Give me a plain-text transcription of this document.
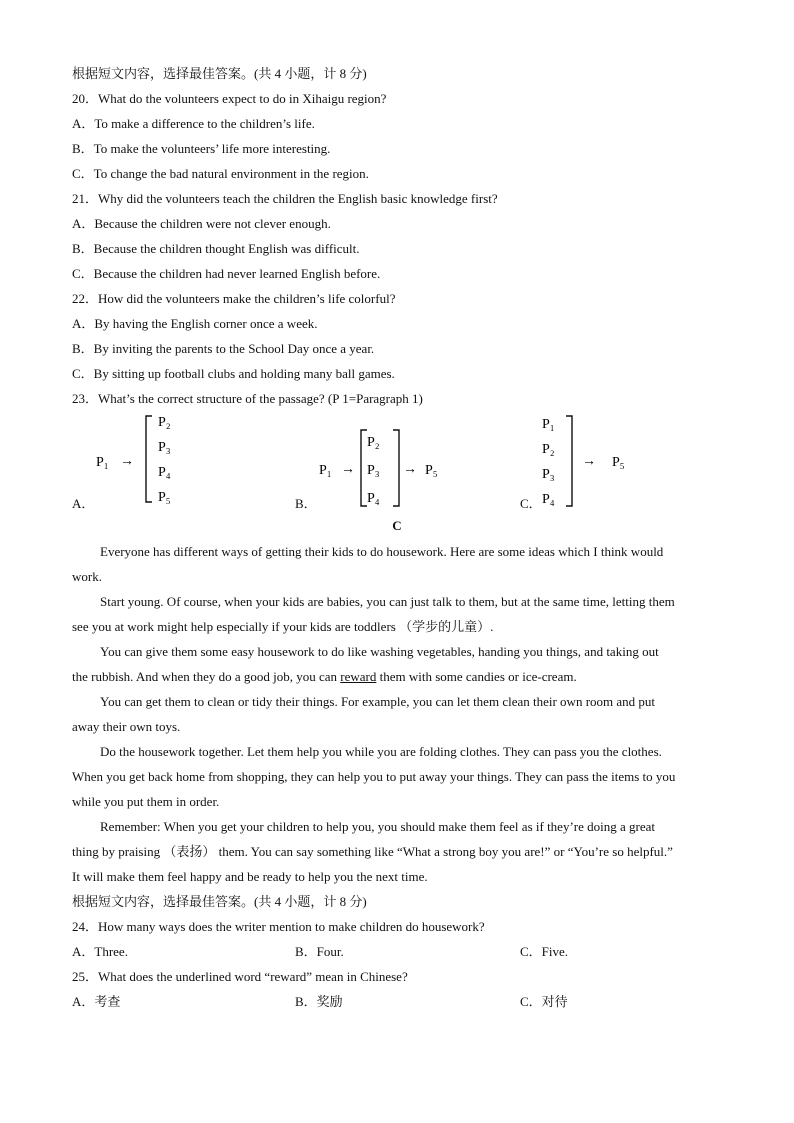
根据短文内容，选择最佳答案。(共 4 小题，计 8 分)
20．What do the volunteers expect to do in Xihaigu region?
A．To make a difference to the children’s life.
B．To make the volunteers’ life more interesting.
C．To change the bad natural environment in the region.
21．Why did the volunteers teach the children the English basic knowledge first?
A．Because the children were not clever enough.
B．Because the children thought English was difficult.
C．Because the children had never learned English before.
22．How did the volunteers make the children’s life colorful?
A．By having the English corner once a week.
B．By inviting the parents to the School Day once a year.
C．By sitting up football clubs and holding many ball games.
23．What’s the correct structure of the passage? (P 1=Paragraph 1)
A．
P₁ →
P₂
P₃
P₄
P₅	B．
P₁ →
P₂
P₃
P₄
→ P₅
C．
P₁
P₂
P₃
P₄
→ P₅
C
Everyone has different ways of getting their kids to do housework. Here are some ideas which I think would
work.
Start young. Of course, when your kids are babies, you can just talk to them, but at the same time, letting them
see you at work might help especially if your kids are toddlers （学步的儿童）.
You can give them some easy housework to do like washing vegetables, handing you things, and taking out
the rubbish. And when they do a good job, you can reward them with some candies or ice-cream.
You can get them to clean or tidy their things. For example, you can let them clean their own room and put
away their own toys.
Do the housework together. Let them help you while you are folding clothes. They can pass you the clothes.
When you get back home from shopping, they can help you to put away your things. They can pass the items to you
while you put them in order.
Remember: When you get your children to help you, you should make them feel as if they’re doing a great
thing by praising （表扬） them. You can say something like “What a strong boy you are!” or “You’re so helpful.”
It will make them feel happy and be ready to help you the next time.
根据短文内容，选择最佳答案。(共 4 小题，计 8 分)
24．How many ways does the writer mention to make children do housework?
A．Three.	B．Four.	C．Five.
25．What does the underlined word “reward” mean in Chinese?
A．考查	B．奖励	C．对待
